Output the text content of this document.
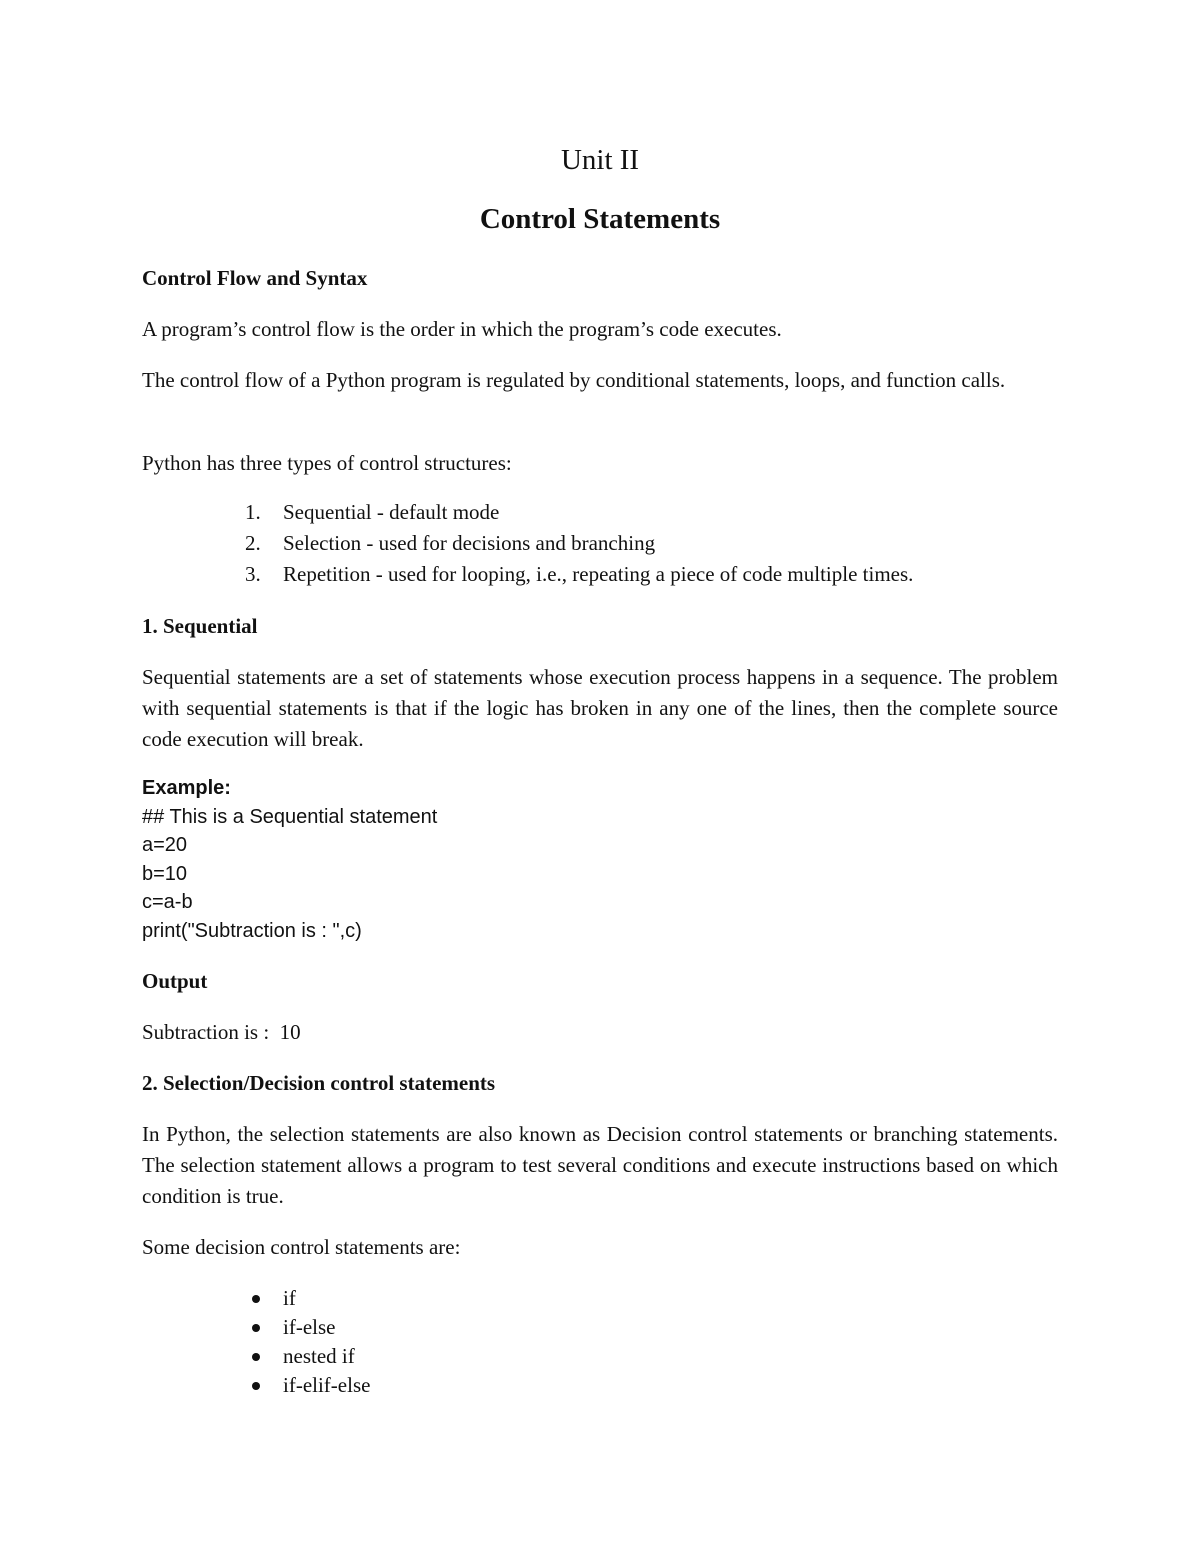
Unit II
Control Statements

Control Flow and Syntax

A program’s control flow is the order in which the program’s code executes.

The control flow of a Python program is regulated by conditional statements, loops, and function calls.

Python has three types of control structures:

1. Sequential - default mode
2. Selection - used for decisions and branching
3. Repetition - used for looping, i.e., repeating a piece of code multiple times.

1. Sequential

Sequential statements are a set of statements whose execution process happens in a sequence. The problem with sequential statements is that if the logic has broken in any one of the lines, then the complete source code execution will break.

Example:
## This is a Sequential statement
a=20
b=10
c=a-b
print("Subtraction is : ",c)

Output

Subtraction is :  10

2. Selection/Decision control statements

In Python, the selection statements are also known as Decision control statements or branching statements. The selection statement allows a program to test several conditions and execute instructions based on which condition is true.

Some decision control statements are:

if
if-else
nested if
if-elif-else
